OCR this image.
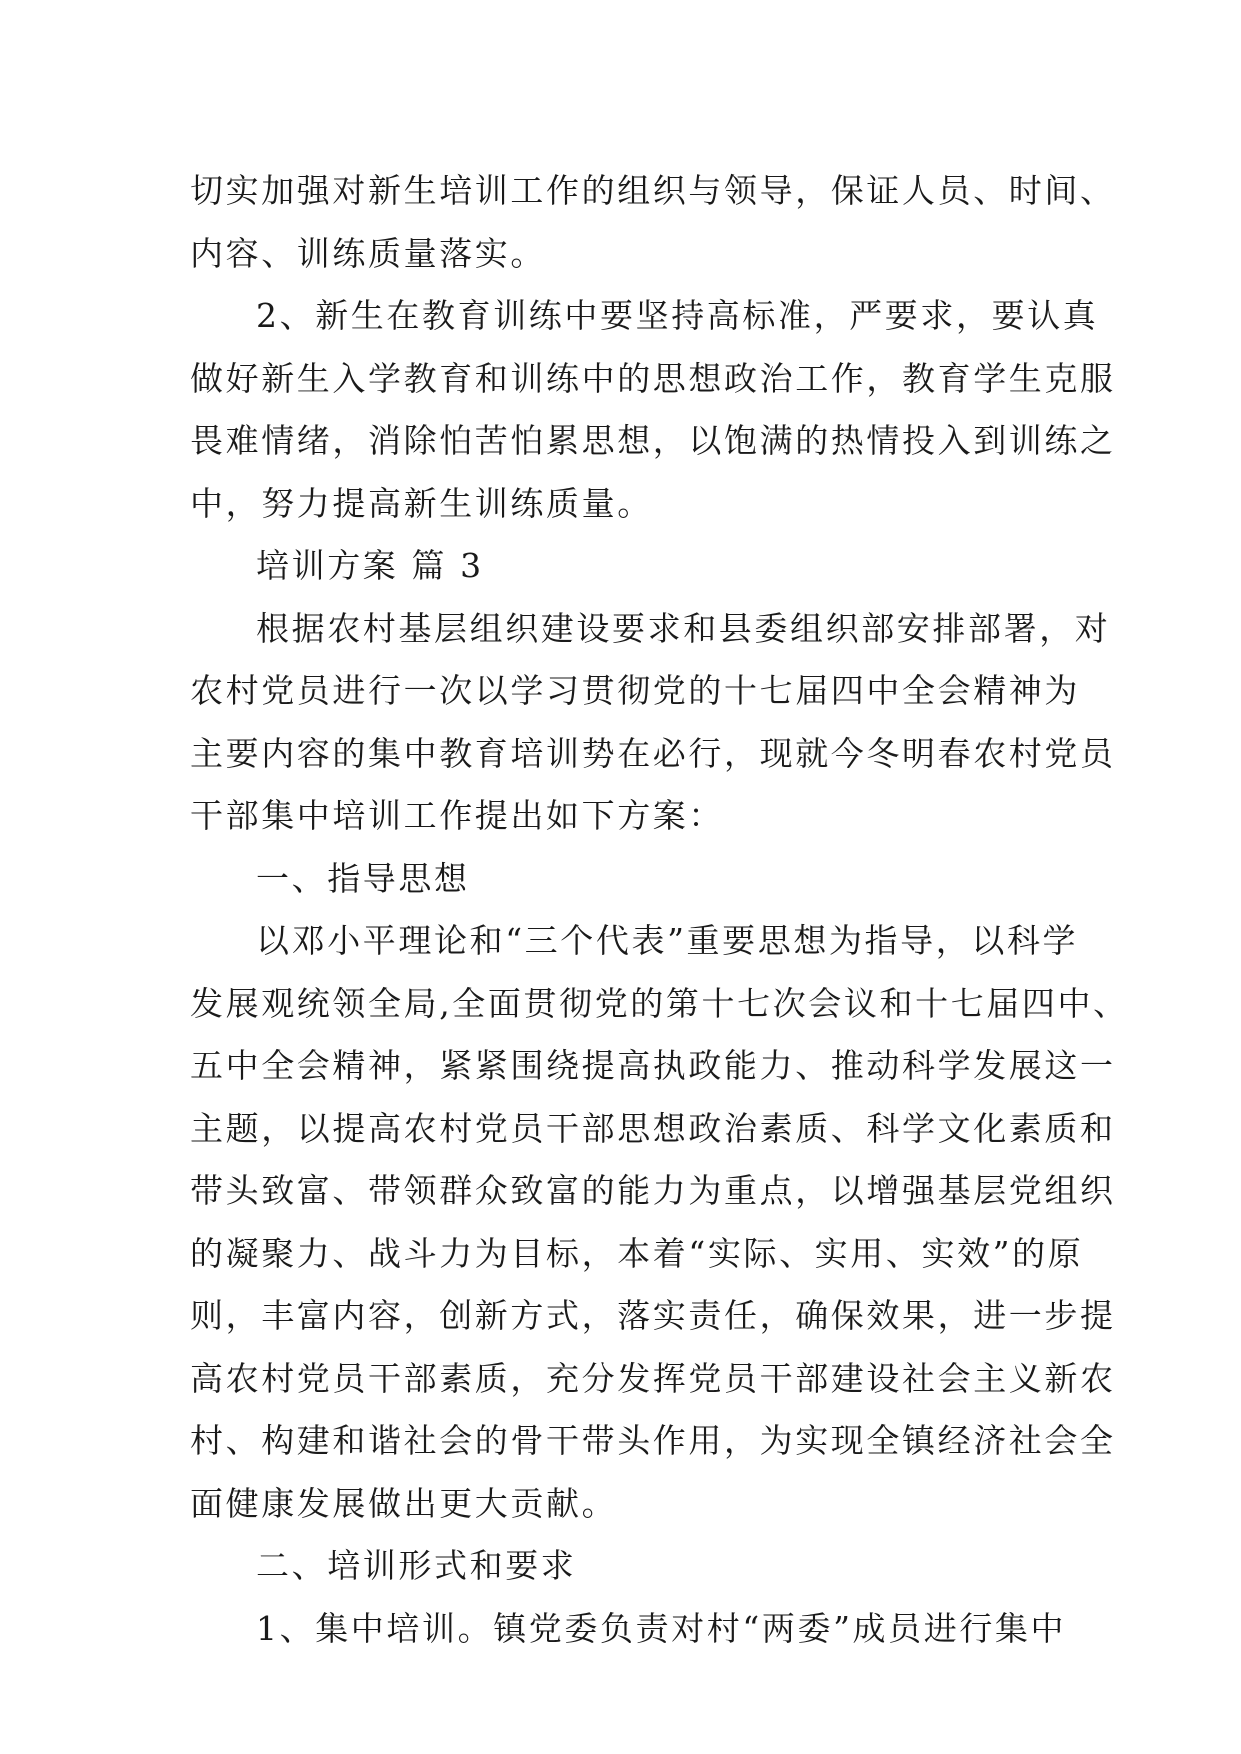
切实加强对新生培训工作的组织与领导，保证人员、时间、
内容、训练质量落实。
2、新生在教育训练中要坚持高标准，严要求，要认真
做好新生入学教育和训练中的思想政治工作，教育学生克服
畏难情绪，消除怕苦怕累思想，以饱满的热情投入到训练之
中，努力提高新生训练质量。
培训方案 篇 3
根据农村基层组织建设要求和县委组织部安排部署，对
农村党员进行一次以学习贯彻党的十七届四中全会精神为
主要内容的集中教育培训势在必行，现就今冬明春农村党员
干部集中培训工作提出如下方案：
一、指导思想
以邓小平理论和“三个代表”重要思想为指导，以科学
发展观统领全局,全面贯彻党的第十七次会议和十七届四中、
五中全会精神，紧紧围绕提高执政能力、推动科学发展这一
主题，以提高农村党员干部思想政治素质、科学文化素质和
带头致富、带领群众致富的能力为重点，以增强基层党组织
的凝聚力、战斗力为目标，本着“实际、实用、实效”的原
则，丰富内容，创新方式，落实责任，确保效果，进一步提
高农村党员干部素质，充分发挥党员干部建设社会主义新农
村、构建和谐社会的骨干带头作用，为实现全镇经济社会全
面健康发展做出更大贡献。
二、培训形式和要求
1、集中培训。镇党委负责对村“两委”成员进行集中
